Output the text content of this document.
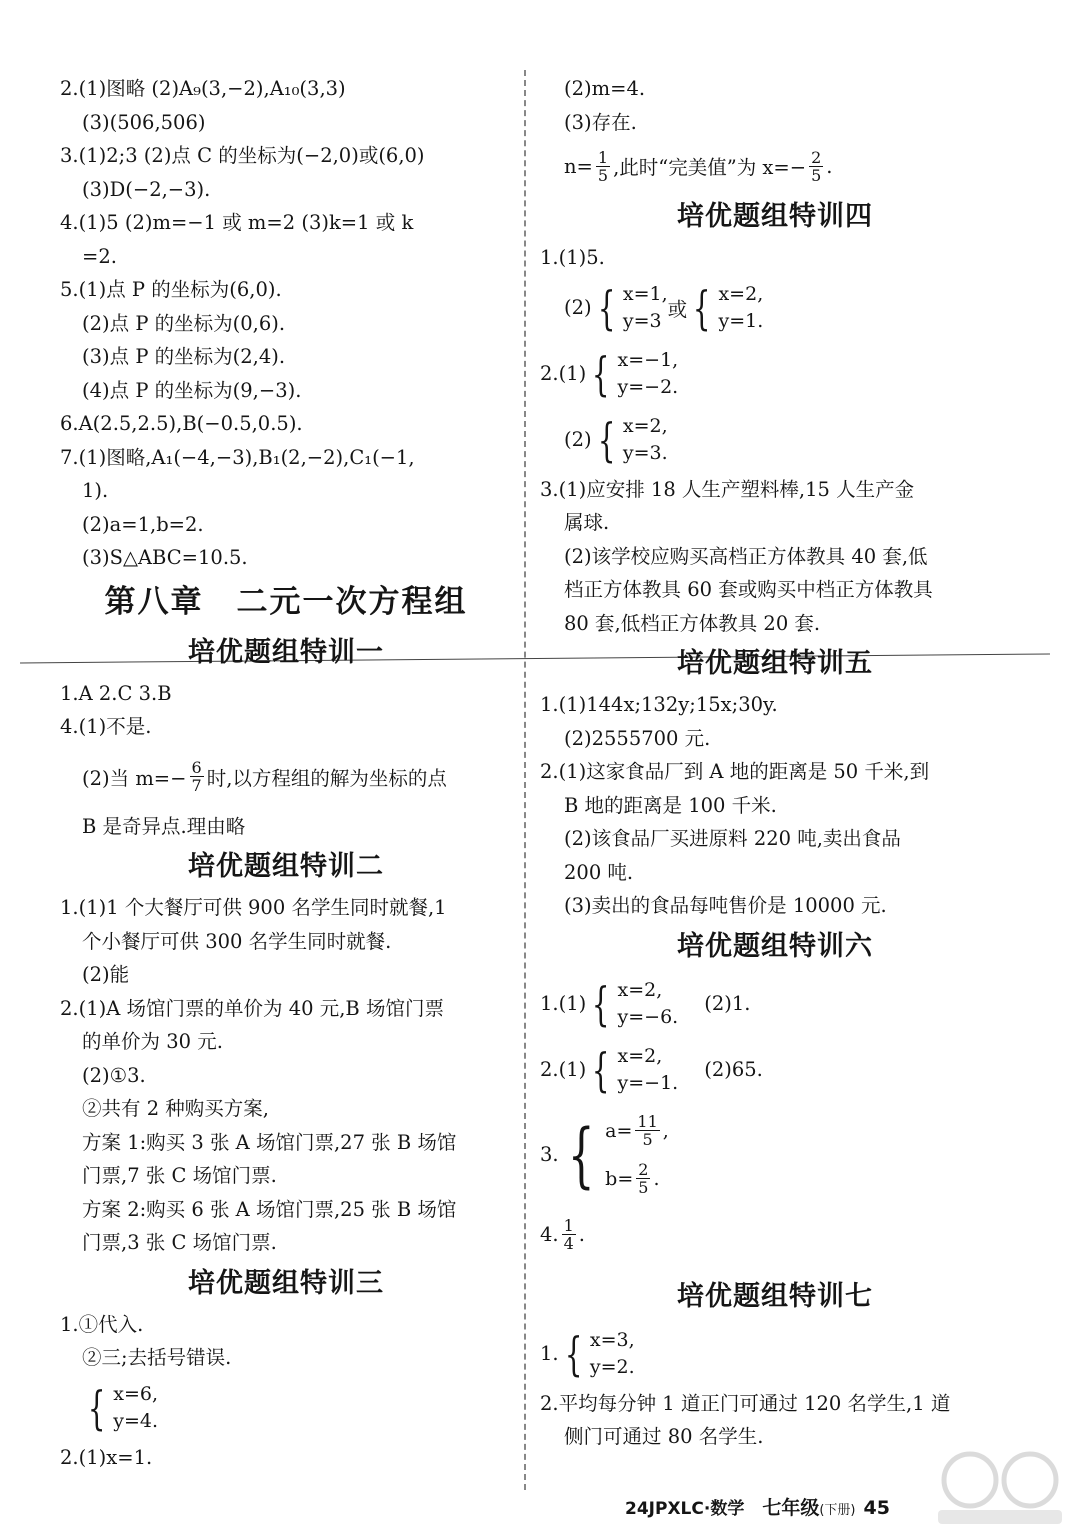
2.(1)图略 (2)A₉(3,−2),A₁₀(3,3)
(3)(506,506)
3.(1)2;3 (2)点 C 的坐标为(−2,0)或(6,0)
(3)D(−2,−3).
4.(1)5 (2)m=−1 或 m=2 (3)k=1 或 k
=2.
5.(1)点 P 的坐标为(6,0).
(2)点 P 的坐标为(0,6).
(3)点 P 的坐标为(2,4).
(4)点 P 的坐标为(9,−3).
6.A(2.5,2.5),B(−0.5,0.5).
7.(1)图略,A₁(−4,−3),B₁(2,−2),C₁(−1,
1).
(2)a=1,b=2.
(3)S△ABC=10.5.
第八章　二元一次方程组
培优题组特训一
1.A 2.C 3.B
4.(1)不是.
(2)当 $m=- \frac{6}{7}$ 时,以方程组的解为坐标的点
B 是奇异点.理由略
培优题组特训二
1.(1)1 个大餐厅可供 900 名学生同时就餐,1
个小餐厅可供 300 名学生同时就餐.
(2)能
2.(1)A 场馆门票的单价为 40 元,B 场馆门票
的单价为 30 元.
(2)①3.
②共有 2 种购买方案,
方案 1:购买 3 张 A 场馆门票,27 张 B 场馆
门票,7 张 C 场馆门票.
方案 2:购买 6 张 A 场馆门票,25 张 B 场馆
门票,3 张 C 场馆门票.
培优题组特训三
1.①代入.
②三;去括号错误.
{ x=6,
y=4.
2.(1)x=1.
(2)m=4.
(3)存在.
$n= \frac{1}{5}$ ,此时“完美值”为 $x=- \frac{2}{5}$ .
培优题组特训四
1.(1)5.
(2) { x=1,
y=3 或 { x=2,
y=1.
2.(1) { x=−1,
y=−2.
(2) { x=2,
y=3.
3.(1)应安排 18 人生产塑料棒,15 人生产金
属球.
(2)该学校应购买高档正方体教具 40 套,低
档正方体教具 60 套或购买中档正方体教具
80 套,低档正方体教具 20 套.
培优题组特训五
1.(1)144x;132y;15x;30y.
(2)2555700 元.
2.(1)这家食品厂到 A 地的距离是 50 千米,到
B 地的距离是 100 千米.
(2)该食品厂买进原料 220 吨,卖出食品
200 吨.
(3)卖出的食品每吨售价是 10000 元.
培优题组特训六
1.(1) { x=2,
y=−6.
(2)1.
2.(1) { x=2,
y=−1.
(2)65.
3. { $a= \frac{11}{5}$ ,
$b= \frac{2}{5}$ .
4. $\frac{1}{4}$ .
培优题组特训七
1. { x=3,
y=2.
2.平均每分钟 1 道正门可通过 120 名学生,1 道
侧门可通过 80 名学生.
24JPXLC·数学 七年级(下册) 45
